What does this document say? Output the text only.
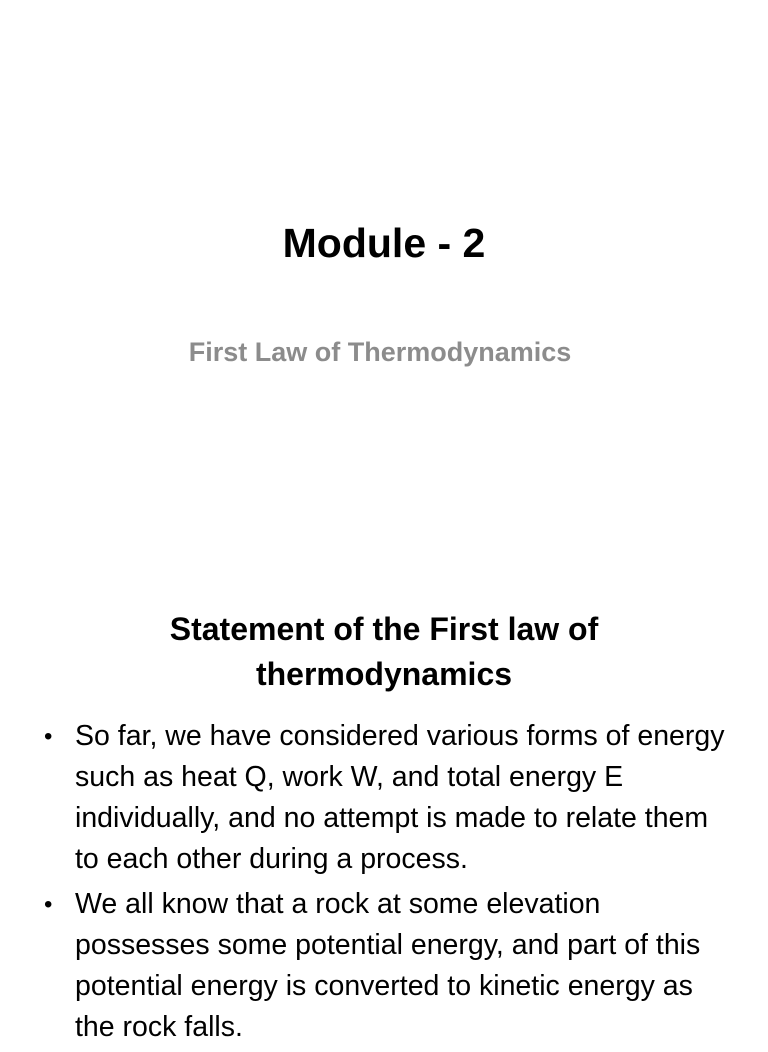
Module - 2

First Law of Thermodynamics

Statement of the First law of thermodynamics
• So far, we have considered various forms of energy such as heat Q, work W, and total energy E individually, and no attempt is made to relate them to each other during a process.
• We all know that a rock at some elevation possesses some potential energy, and part of this potential energy is converted to kinetic energy as the rock falls.
